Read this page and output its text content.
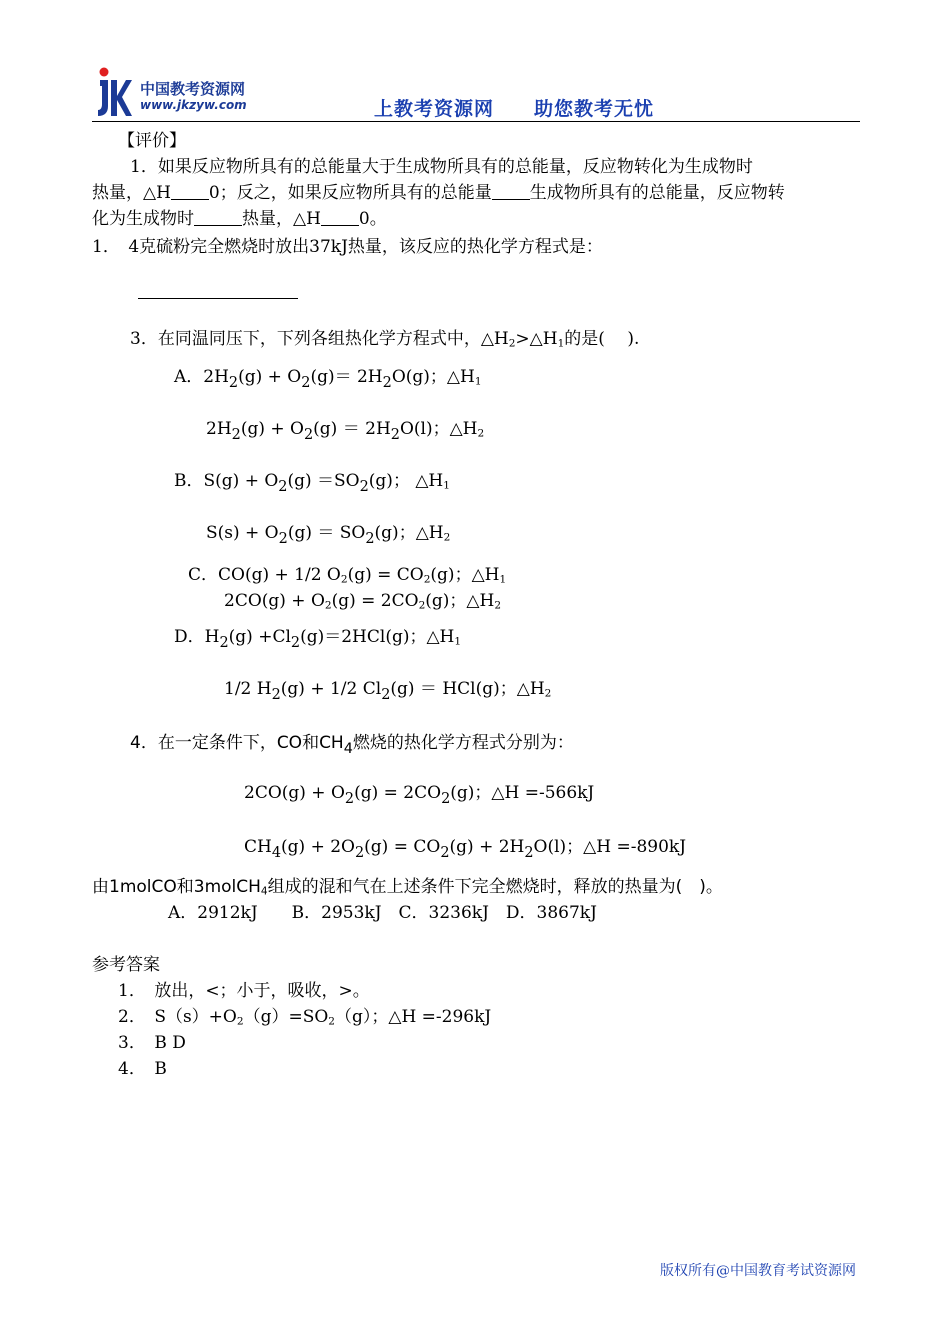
中国教考资源网
www.jkzyw.com	上教考资源网　　助您教考无忧
【评价】
1．如果反应物所具有的总能量大于生成物所具有的总能量，反应物转化为生成物时
热量，△H 0；反之，如果反应物所具有的总能量 生成物所具有的总能量，反应物转
化为生成物时	热量，△H 0。
1．　4克硫粉完全燃烧时放出37kJ热量，该反应的热化学方程式是：
3．在同温同压下，下列各组热化学方程式中，$\triangle H_2>\triangle H_1$的是(　 ).
A．$2H_2(g) + O_2(g)= 2H_2O(g)$；$\triangle H_1$
$2H_2(g) + O_2(g) = 2H_2O(l)$；$\triangle H_2$
B．$S(g) + O_2(g) =SO_2(g)$； $\triangle H_1$
$S(s) + O_2(g) = SO_2(g)$；$\triangle H_2$
C．CO(g) + 1/2 $O_2(g) = CO_2(g)$；$\triangle H_1$
$2CO(g) + O_2(g) = 2CO_2(g)$；$\triangle H_2$
D．$H_2(g) +Cl_2(g)=2HCl(g)$；$\triangle H_1$
1/2 $H_2(g) + 1/2$ $Cl_2(g) = HCl(g)$；$\triangle H_2$
4．在一定条件下，CO和$CH_4$燃烧的热化学方程式分别为：
$2CO(g) + O_2(g) = 2CO_2(g)$；△H =-566kJ
$CH_4(g) + 2O_2(g) = CO_2(g) + 2H_2O(l)$；△H =-890kJ
由1molCO和3molCH$_4$组成的混和气在上述条件下完全燃烧时，释放的热量为(　)。
A．2912kJ　　B．2953kJ　C．3236kJ　D．3867kJ
参考答案
1．　放出，<；小于，吸收，>。
2．　$S(s)+O_2(g)=SO_2(g)$；△H =-296kJ
3．　B D
4．　B
版权所有@中国教育考试资源网
